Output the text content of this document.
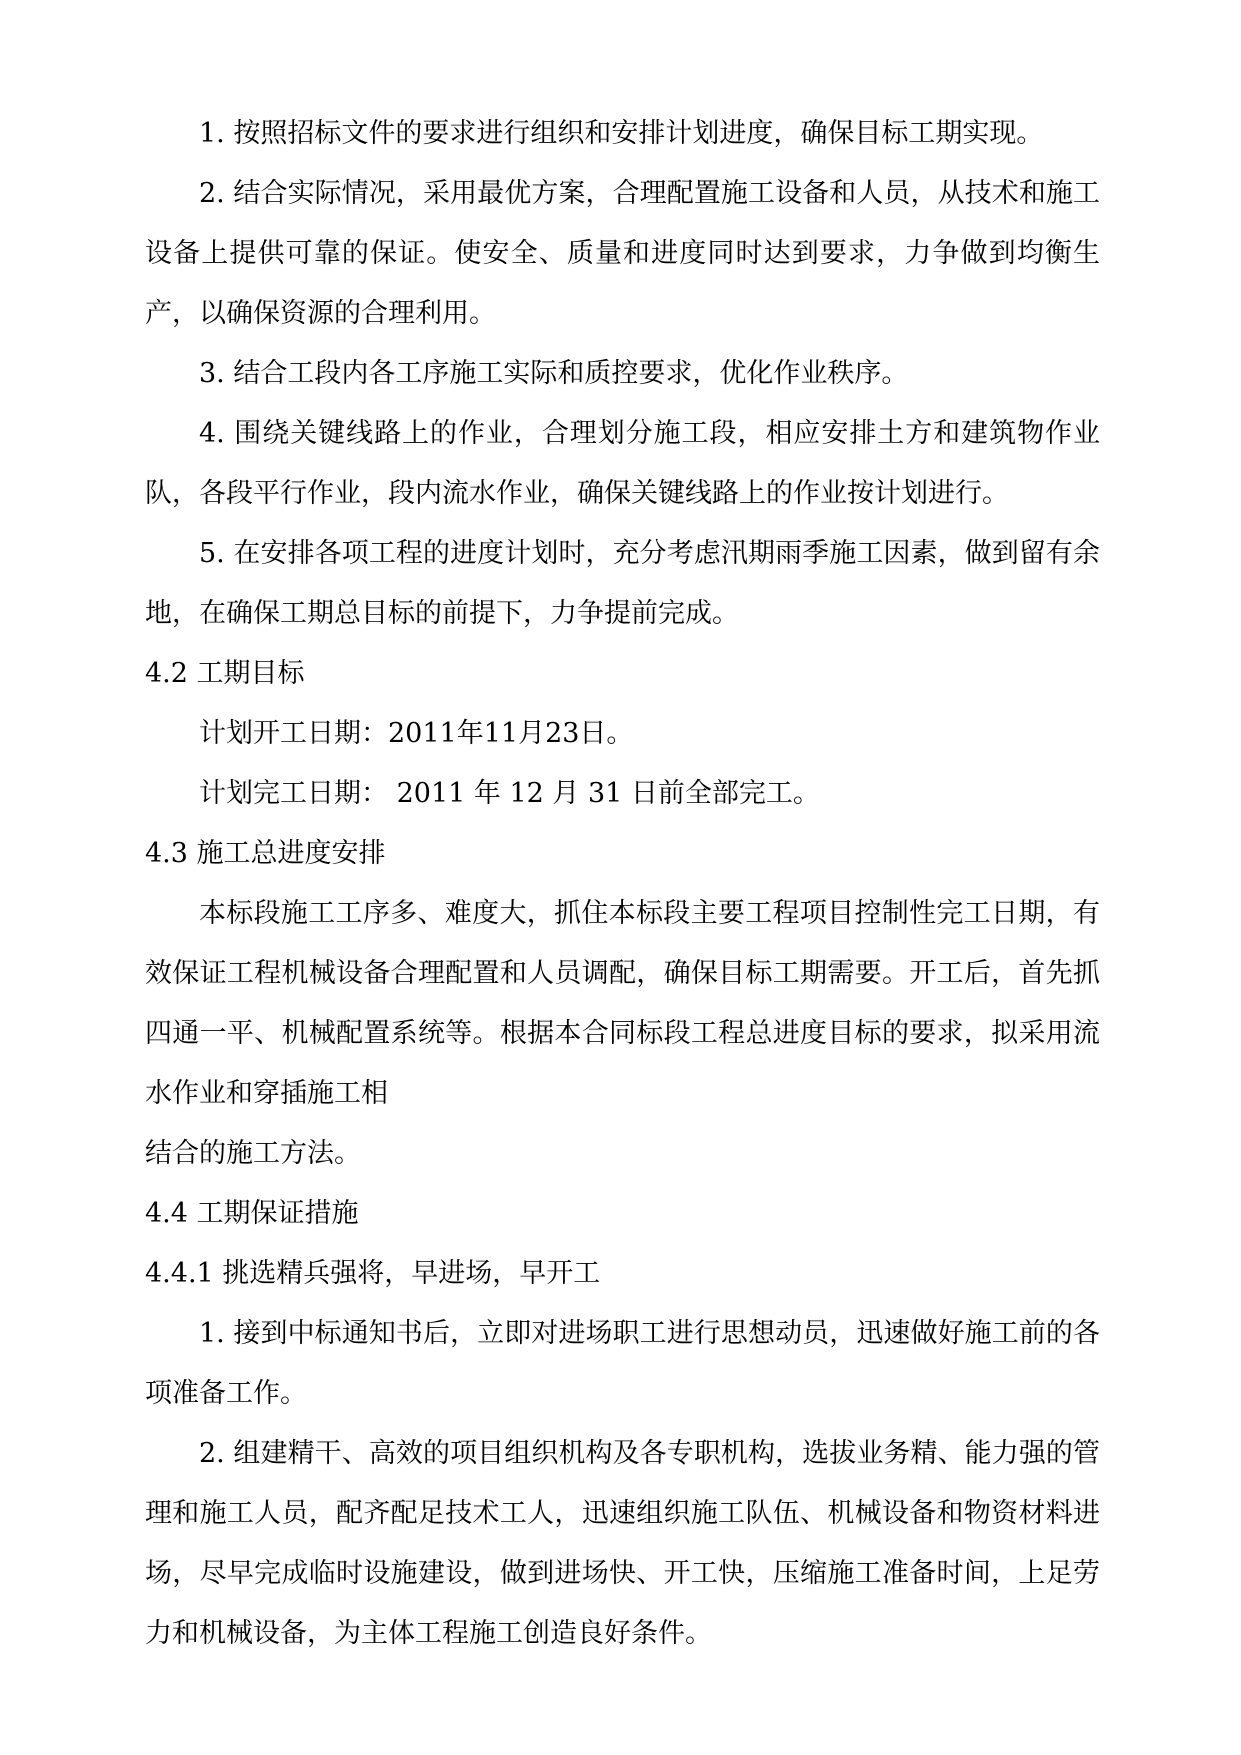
1. 按照招标文件的要求进行组织和安排计划进度，确保目标工期实现。

2. 结合实际情况，采用最优方案，合理配置施工设备和人员，从技术和施工设备上提供可靠的保证。使安全、质量和进度同时达到要求，力争做到均衡生产，以确保资源的合理利用。

3. 结合工段内各工序施工实际和质控要求，优化作业秩序。

4. 围绕关键线路上的作业，合理划分施工段，相应安排土方和建筑物作业队，各段平行作业，段内流水作业，确保关键线路上的作业按计划进行。

5. 在安排各项工程的进度计划时，充分考虑汛期雨季施工因素，做到留有余地，在确保工期总目标的前提下，力争提前完成。

4.2 工期目标

计划开工日期：2011年11月23日。

计划完工日期： 2011 年 12 月 31 日前全部完工。

4.3 施工总进度安排

本标段施工工序多、难度大，抓住本标段主要工程项目控制性完工日期，有效保证工程机械设备合理配置和人员调配，确保目标工期需要。开工后，首先抓四通一平、机械配置系统等。根据本合同标段工程总进度目标的要求，拟采用流水作业和穿插施工相

结合的施工方法。

4.4 工期保证措施

4.4.1 挑选精兵强将，早进场，早开工

1. 接到中标通知书后，立即对进场职工进行思想动员，迅速做好施工前的各项准备工作。

2. 组建精干、高效的项目组织机构及各专职机构，选拔业务精、能力强的管理和施工人员，配齐配足技术工人，迅速组织施工队伍、机械设备和物资材料进场，尽早完成临时设施建设，做到进场快、开工快，压缩施工准备时间，上足劳力和机械设备，为主体工程施工创造良好条件。
